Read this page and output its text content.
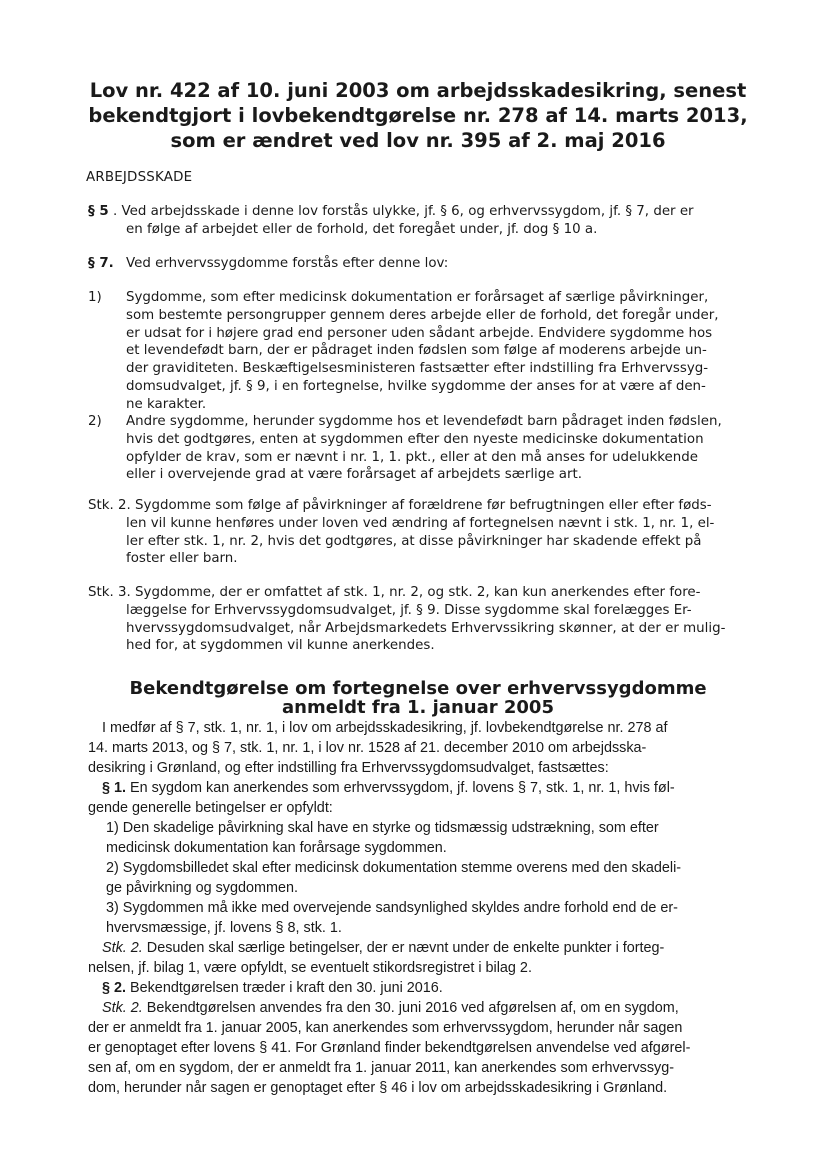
Lov nr. 422 af 10. juni 2003 om arbejdsskadesikring, senest
bekendtgjort i lovbekendtgørelse nr. 278 af 14. marts 2013,
som er ændret ved lov nr. 395 af 2. maj 2016
ARBEJDSSKADE
§ 5 . Ved arbejdsskade i denne lov forstås ulykke, jf. § 6, og erhvervssygdom, jf. § 7, der er
en følge af arbejdet eller de forhold, det foregået under, jf. dog § 10 a.
§ 7. Ved erhvervssygdomme forstås efter denne lov:
1) Sygdomme, som efter medicinsk dokumentation er forårsaget af særlige påvirkninger,
som bestemte persongrupper gennem deres arbejde eller de forhold, det foregår under,
er udsat for i højere grad end personer uden sådant arbejde. Endvidere sygdomme hos
et levendefødt barn, der er pådraget inden fødslen som følge af moderens arbejde un-
der graviditeten. Beskæftigelsesministeren fastsætter efter indstilling fra Erhvervssyg-
domsudvalget, jf. § 9, i en fortegnelse, hvilke sygdomme der anses for at være af den-
ne karakter.
2) Andre sygdomme, herunder sygdomme hos et levendefødt barn pådraget inden fødslen,
hvis det godtgøres, enten at sygdommen efter den nyeste medicinske dokumentation
opfylder de krav, som er nævnt i nr. 1, 1. pkt., eller at den må anses for udelukkende
eller i overvejende grad at være forårsaget af arbejdets særlige art.
Stk. 2. Sygdomme som følge af påvirkninger af forældrene før befrugtningen eller efter føds-
len vil kunne henføres under loven ved ændring af fortegnelsen nævnt i stk. 1, nr. 1, el-
ler efter stk. 1, nr. 2, hvis det godtgøres, at disse påvirkninger har skadende effekt på
foster eller barn.
Stk. 3. Sygdomme, der er omfattet af stk. 1, nr. 2, og stk. 2, kan kun anerkendes efter fore-
læggelse for Erhvervssygdomsudvalget, jf. § 9. Disse sygdomme skal forelægges Er-
hvervssygdomsudvalget, når Arbejdsmarkedets Erhvervssikring skønner, at der er mulig-
hed for, at sygdommen vil kunne anerkendes.
Bekendtgørelse om fortegnelse over erhvervssygdomme
anmeldt fra 1. januar 2005
I medfør af § 7, stk. 1, nr. 1, i lov om arbejdsskadesikring, jf. lovbekendtgørelse nr. 278 af
14. marts 2013, og § 7, stk. 1, nr. 1, i lov nr. 1528 af 21. december 2010 om arbejdsska-
desikring i Grønland, og efter indstilling fra Erhvervssygdomsudvalget, fastsættes:
§ 1. En sygdom kan anerkendes som erhvervssygdom, jf. lovens § 7, stk. 1, nr. 1, hvis føl-
gende generelle betingelser er opfyldt:
1) Den skadelige påvirkning skal have en styrke og tidsmæssig udstrækning, som efter
medicinsk dokumentation kan forårsage sygdommen.
2) Sygdomsbilledet skal efter medicinsk dokumentation stemme overens med den skadeli-
ge påvirkning og sygdommen.
3) Sygdommen må ikke med overvejende sandsynlighed skyldes andre forhold end de er-
hvervsmæssige, jf. lovens § 8, stk. 1.
Stk. 2. Desuden skal særlige betingelser, der er nævnt under de enkelte punkter i forteg-
nelsen, jf. bilag 1, være opfyldt, se eventuelt stikordsregistret i bilag 2.
§ 2. Bekendtgørelsen træder i kraft den 30. juni 2016.
Stk. 2. Bekendtgørelsen anvendes fra den 30. juni 2016 ved afgørelsen af, om en sygdom,
der er anmeldt fra 1. januar 2005, kan anerkendes som erhvervssygdom, herunder når sagen
er genoptaget efter lovens § 41. For Grønland finder bekendtgørelsen anvendelse ved afgørel-
sen af, om en sygdom, der er anmeldt fra 1. januar 2011, kan anerkendes som erhvervssyg-
dom, herunder når sagen er genoptaget efter § 46 i lov om arbejdsskadesikring i Grønland.
